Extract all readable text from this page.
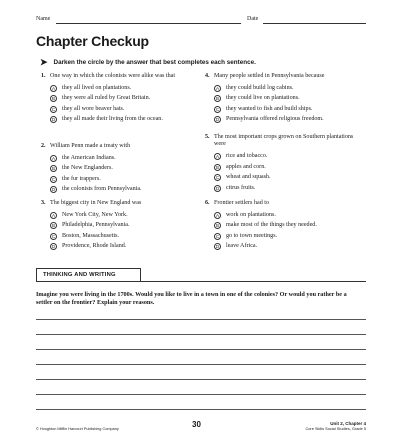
Name	Date
Chapter Checkup
➤ Darken the circle by the answer that best completes each sentence.
1. One way in which the colonists were alike was that
A	they all lived on plantations.
B	they were all ruled by Great Britain.
C	they all wore beaver hats.
D	they all made their living from the ocean.
2. William Penn made a treaty with
A	the American Indians.
B	the New Englanders.
C	the fur trappers.
D	the colonists from Pennsylvania.
3. The biggest city in New England was
A	New York City, New York.
B	Philadelphia, Pennsylvania.
C	Boston, Massachusetts.
D	Providence, Rhode Island.
4. Many people settled in Pennsylvania because
A	they could build log cabins.
B	they could live on plantations.
C	they wanted to fish and build ships.
D	Pennsylvania offered religious freedom.
5. The most important crops grown on Southern plantations were
A	rice and tobacco.
B	apples and corn.
C	wheat and squash.
D	citrus fruits.
6. Frontier settlers had to
A	work on plantations.
B	make most of the things they needed.
C	go to town meetings.
D	leave Africa.
THINKING AND WRITING
Imagine you were living in the 1700s. Would you like to live in a town in one of the colonies? Or would you rather be a settler on the frontier? Explain your reasons.
© Houghton Mifflin Harcourt Publishing Company	30	Unit 2, Chapter 4
Core Skills Social Studies, Grade 5
